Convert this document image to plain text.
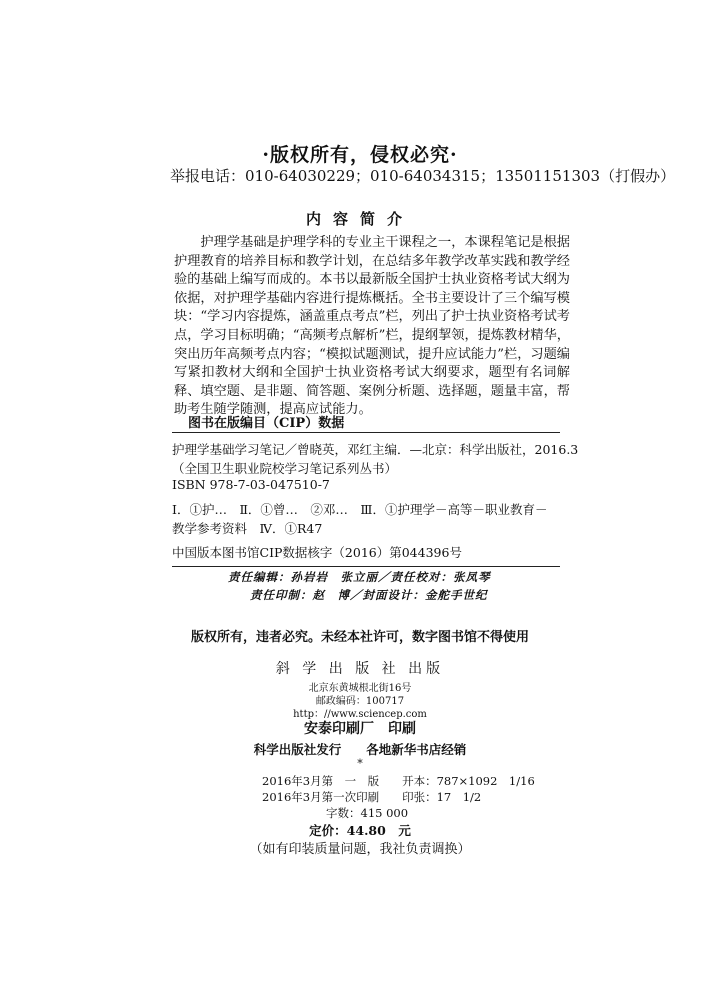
·版权所有，侵权必究·
举报电话：010-64030229；010-64034315；13501151303（打假办）
内容简介
护理学基础是护理学科的专业主干课程之一，本课程笔记是根据护理教育的培养目标和教学计划，在总结多年教学改革实践和教学经验的基础上编写而成的。本书以最新版全国护士执业资格考试大纲为依据，对护理学基础内容进行提炼概括。全书主要设计了三个编写模块：“学习内容提炼，涵盖重点考点”栏，列出了护士执业资格考试考点，学习目标明确；“高频考点解析”栏，提纲挈领，提炼教材精华，突出历年高频考点内容；“模拟试题测试，提升应试能力”栏，习题编写紧扣教材大纲和全国护士执业资格考试大纲要求，题型有名词解释、填空题、是非题、简答题、案例分析题、选择题，题量丰富，帮助考生随学随测，提高应试能力。
图书在版编目（CIP）数据
护理学基础学习笔记／曾晓英，邓红主编．—北京：科学出版社，2016.3
（全国卫生职业院校学习笔记系列丛书）
ISBN 978-7-03-047510-7
Ⅰ．①护…　Ⅱ．①曾…　②邓…　Ⅲ．①护理学－高等－职业教育－
教学参考资料　Ⅳ．①R47
中国版本图书馆CIP数据核字（2016）第044396号
责任编辑：孙岩岩　张立丽／责任校对：张凤琴
责任印制：赵　博／封面设计：金舵手世纪
版权所有，违者必究。未经本社许可，数字图书馆不得使用
斜 学 出 版 社 出版
北京东黄城根北街16号
邮政编码：100717
http：//www.sciencep.com
安泰印刷厂　印刷
科学出版社发行　　各地新华书店经销
*
2016年3月第　一　版　　开本：787×1092　1/16
2016年3月第一次印刷　　印张：17　1/2
字数：415 000
定价：44.80　元
（如有印装质量问题，我社负责调换）
